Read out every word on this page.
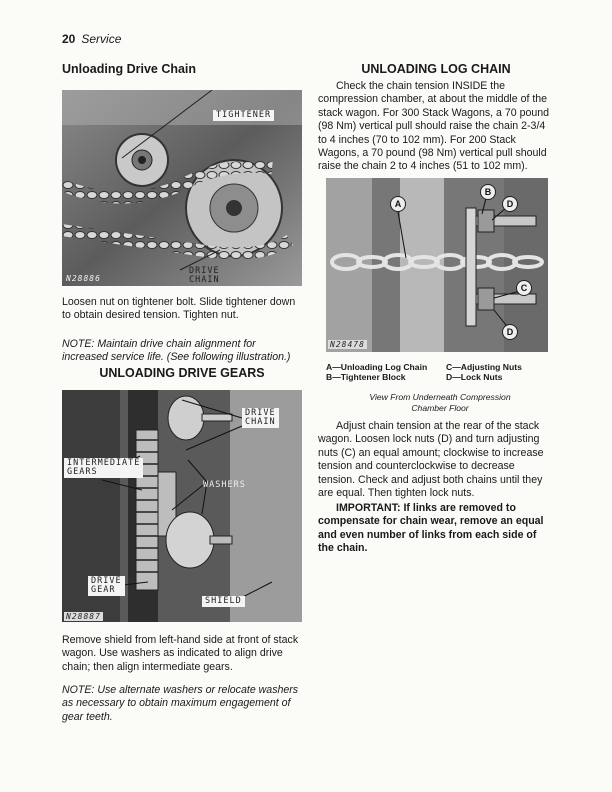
20 Service
Unloading Drive Chain
TIGHTENER
DRIVE
CHAIN
N28886

Loosen nut on tightener bolt. Slide tightener down to obtain desired tension. Tighten nut.

NOTE: Maintain drive chain alignment for increased service life. (See following illustration.)

UNLOADING DRIVE GEARS
DRIVE
CHAIN
INTERMEDIATE
GEARS
WASHERS
DRIVE
GEAR
SHIELD
N28887

Remove shield from left-hand side at front of stack wagon. Use washers as indicated to align drive chain; then align intermediate gears.

NOTE: Use alternate washers or relocate washers as necessary to obtain maximum engagement of gear teeth.

UNLOADING LOG CHAIN

Check the chain tension INSIDE the compression chamber, at about the middle of the stack wagon. For 300 Stack Wagons, a 70 pound (98 Nm) vertical pull should raise the chain 2-3/4 to 4 inches (70 to 102 mm). For 200 Stack Wagons, a 70 pound (98 Nm) vertical pull should raise the chain 2 to 4 inches (51 to 102 mm).

A
B
C
D
D
N28478
A—Unloading Log Chain
B—Tightener Block
C—Adjusting Nuts
D—Lock Nuts
View From Underneath Compression
Chamber Floor

Adjust chain tension at the rear of the stack wagon. Loosen lock nuts (D) and turn adjusting nuts (C) an equal amount; clockwise to increase tension and counterclockwise to decrease tension. Check and adjust both chains until they are equal. Then tighten lock nuts.

IMPORTANT: If links are removed to compensate for chain wear, remove an equal and even number of links from each side of the chain.
